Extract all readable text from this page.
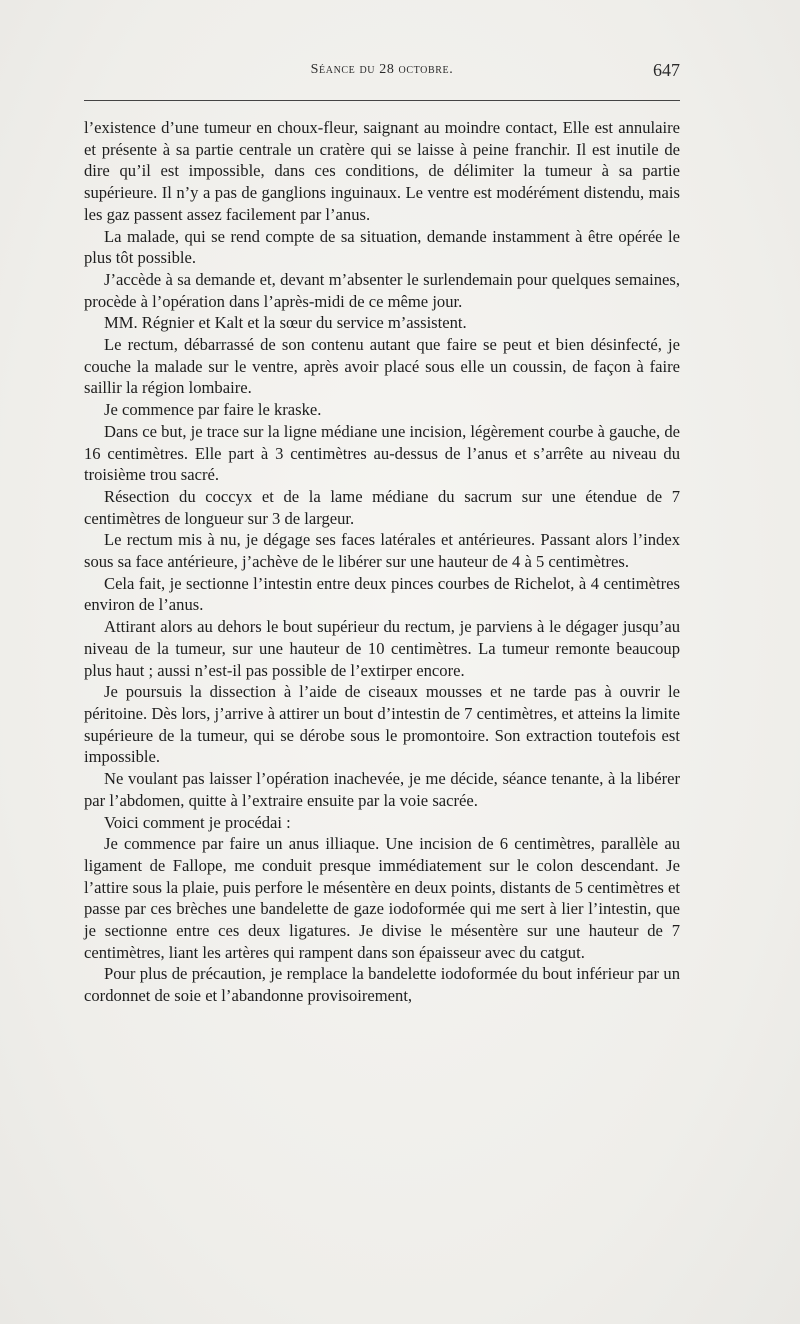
Séance du 28 octobre.	647

l’existence d’une tumeur en choux-fleur, saignant au moindre contact, Elle est annulaire et présente à sa partie centrale un cratère qui se laisse à peine franchir. Il est inutile de dire qu’il est impossible, dans ces conditions, de délimiter la tumeur à sa partie supérieure. Il n’y a pas de ganglions inguinaux. Le ventre est modérément distendu, mais les gaz passent assez facilement par l’anus.

La malade, qui se rend compte de sa situation, demande instamment à être opérée le plus tôt possible.

J’accède à sa demande et, devant m’absenter le surlendemain pour quelques semaines, procède à l’opération dans l’après-midi de ce même jour.

MM. Régnier et Kalt et la sœur du service m’assistent.

Le rectum, débarrassé de son contenu autant que faire se peut et bien désinfecté, je couche la malade sur le ventre, après avoir placé sous elle un coussin, de façon à faire saillir la région lombaire.

Je commence par faire le kraske.

Dans ce but, je trace sur la ligne médiane une incision, légèrement courbe à gauche, de 16 centimètres. Elle part à 3 centimètres au-dessus de l’anus et s’arrête au niveau du troisième trou sacré.

Résection du coccyx et de la lame médiane du sacrum sur une étendue de 7 centimètres de longueur sur 3 de largeur.

Le rectum mis à nu, je dégage ses faces latérales et antérieures. Passant alors l’index sous sa face antérieure, j’achève de le libérer sur une hauteur de 4 à 5 centimètres.

Cela fait, je sectionne l’intestin entre deux pinces courbes de Richelot, à 4 centimètres environ de l’anus.

Attirant alors au dehors le bout supérieur du rectum, je parviens à le dégager jusqu’au niveau de la tumeur, sur une hauteur de 10 centimètres. La tumeur remonte beaucoup plus haut ; aussi n’est-il pas possible de l’extirper encore.

Je poursuis la dissection à l’aide de ciseaux mousses et ne tarde pas à ouvrir le péritoine. Dès lors, j’arrive à attirer un bout d’intestin de 7 centimètres, et atteins la limite supérieure de la tumeur, qui se dérobe sous le promontoire. Son extraction toutefois est impossible.

Ne voulant pas laisser l’opération inachevée, je me décide, séance tenante, à la libérer par l’abdomen, quitte à l’extraire ensuite par la voie sacrée.

Voici comment je procédai :

Je commence par faire un anus illiaque. Une incision de 6 centimètres, parallèle au ligament de Fallope, me conduit presque immédiatement sur le colon descendant. Je l’attire sous la plaie, puis perfore le mésentère en deux points, distants de 5 centimètres et passe par ces brèches une bandelette de gaze iodoformée qui me sert à lier l’intestin, que je sectionne entre ces deux ligatures. Je divise le mésentère sur une hauteur de 7 centimètres, liant les artères qui rampent dans son épaisseur avec du catgut.

Pour plus de précaution, je remplace la bandelette iodoformée du bout inférieur par un cordonnet de soie et l’abandonne provisoirement,
